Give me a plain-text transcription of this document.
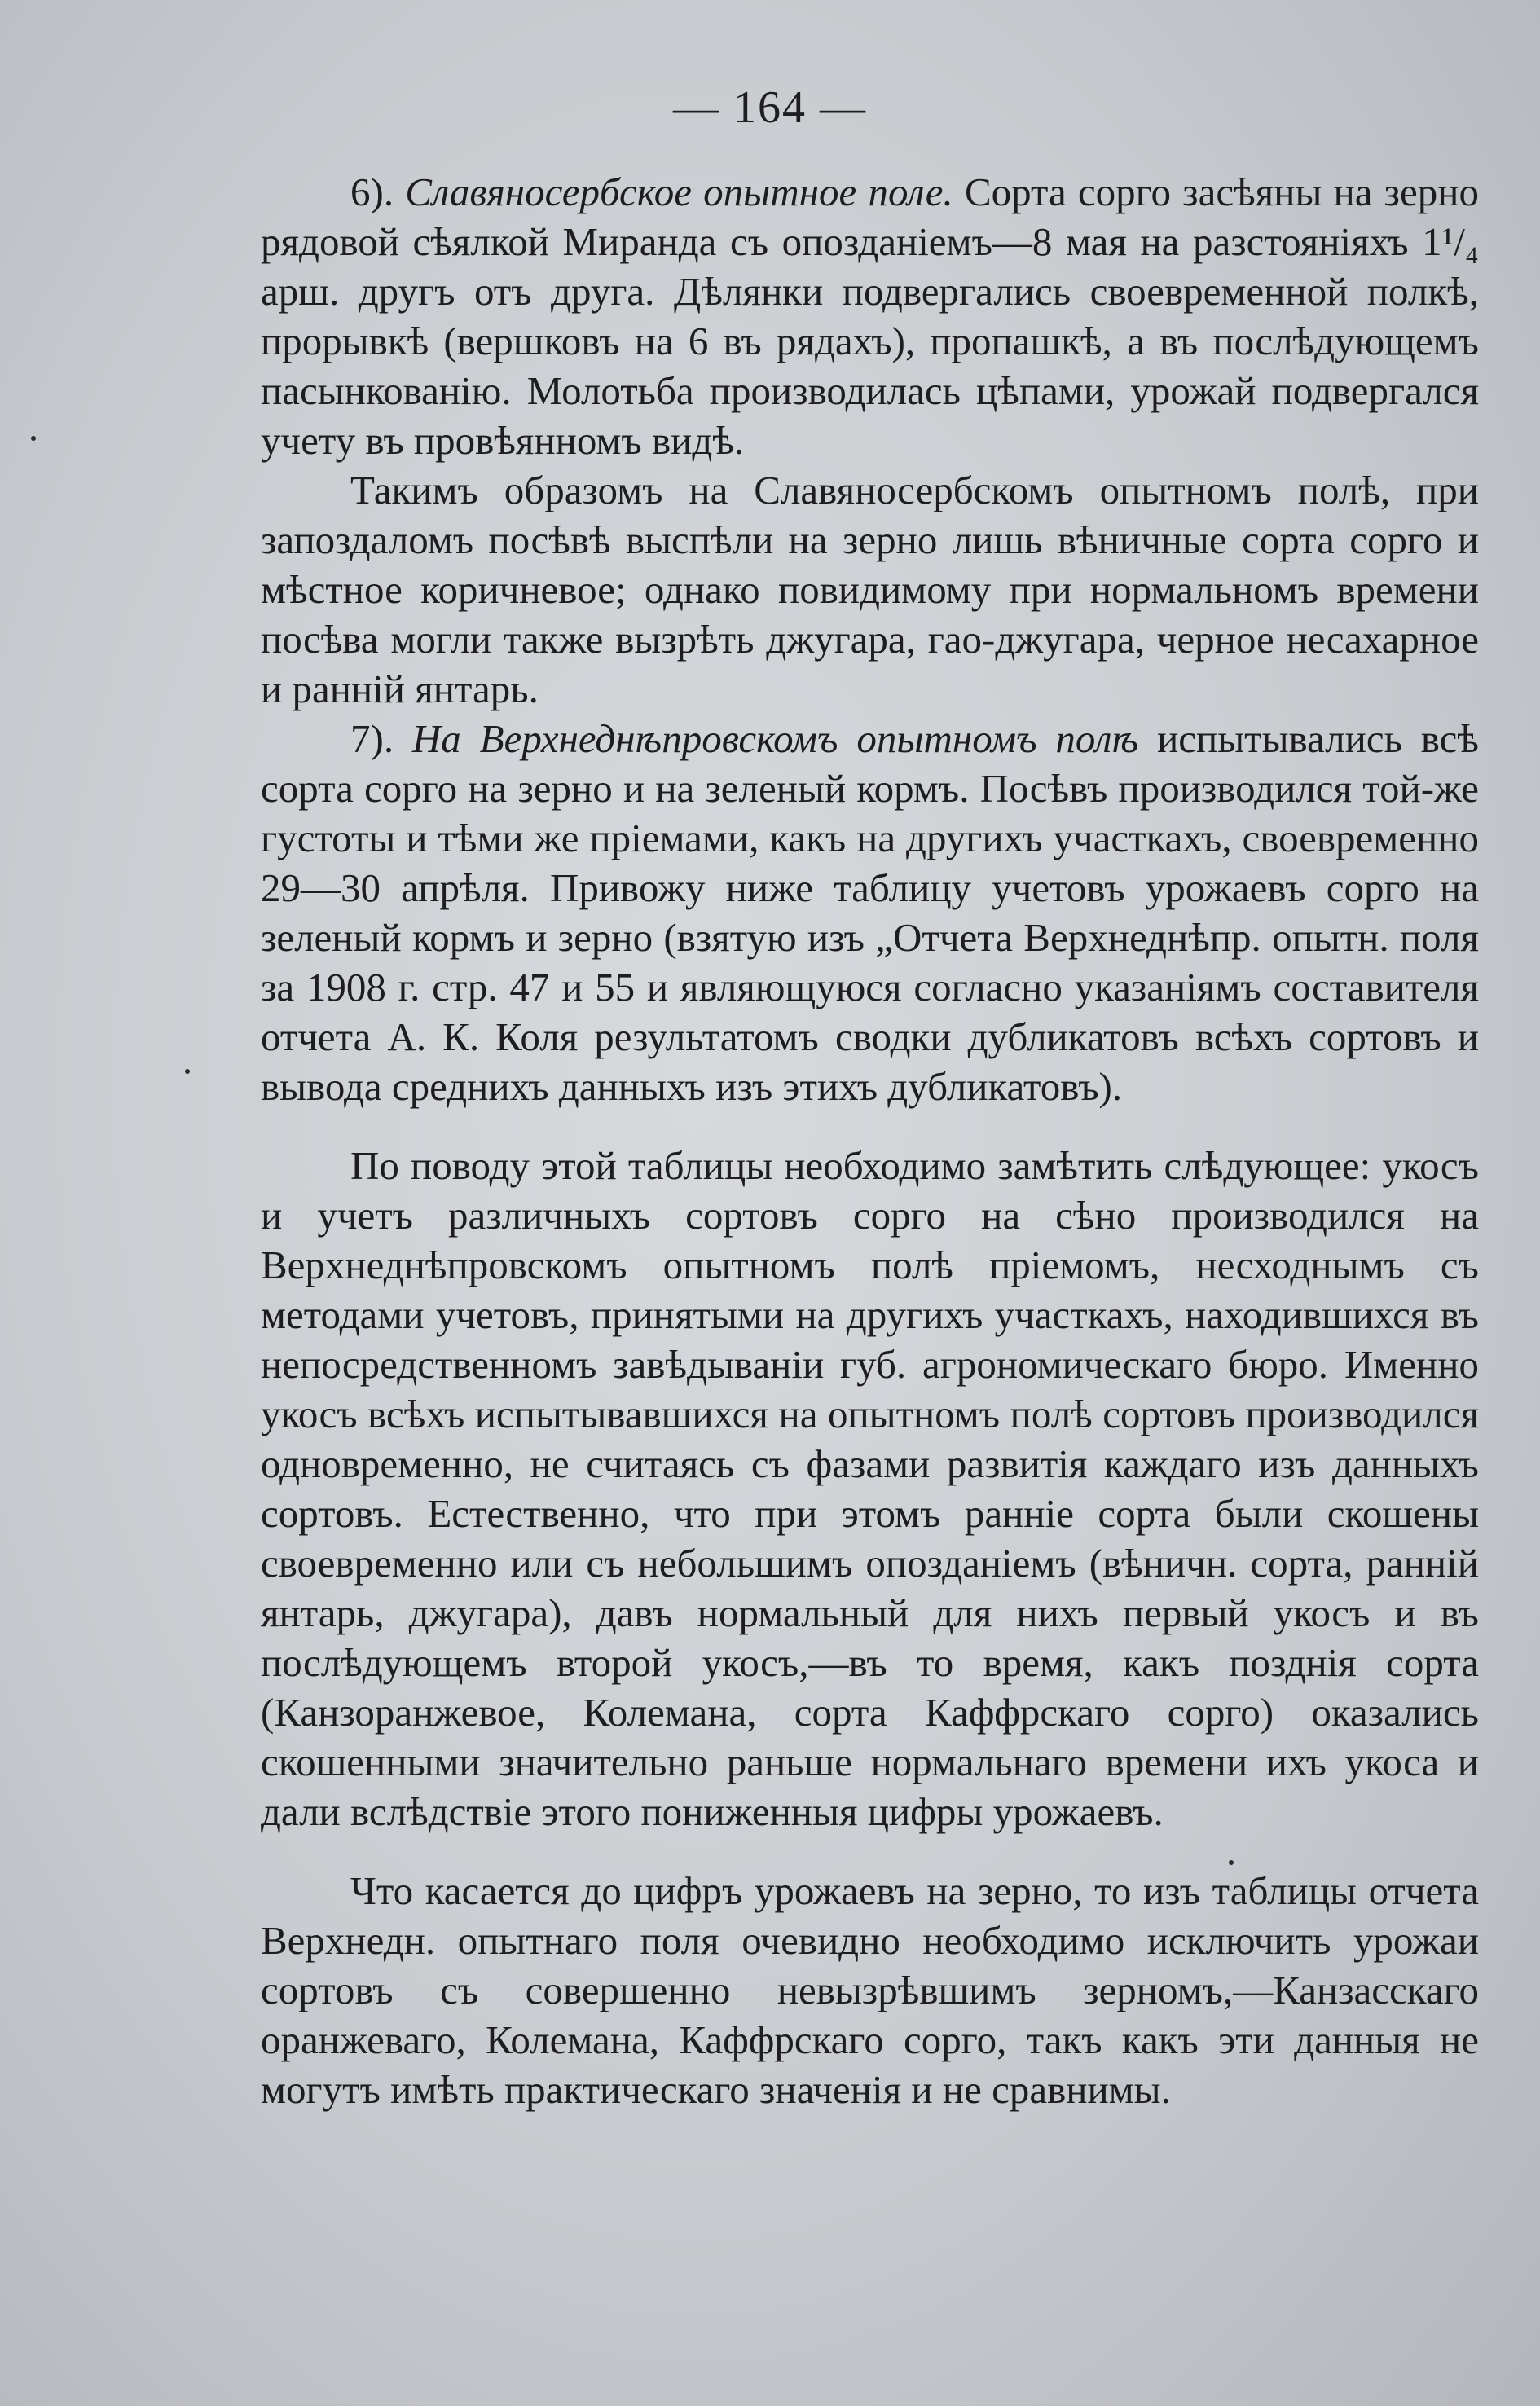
— 164 —

6). Славяносербское опытное поле. Сорта сорго засѣяны на зерно рядовой сѣялкой Миранда съ опозданіемъ—8 мая на разстояніяхъ 1¹/₄ арш. другъ отъ друга. Дѣлянки подвергались своевременной полкѣ, прорывкѣ (вершковъ на 6 въ рядахъ), пропашкѣ, а въ послѣдующемъ пасынкованію. Молотьба производилась цѣпами, урожай подвергался учету въ провѣянномъ видѣ.

Такимъ образомъ на Славяносербскомъ опытномъ полѣ, при запоздаломъ посѣвѣ выспѣли на зерно лишь вѣничные сорта сорго и мѣстное коричневое; однако повидимому при нормальномъ времени посѣва могли также вызрѣть джугара, гао-джугара, черное несахарное и ранній янтарь.

7). На Верхнеднѣпровскомъ опытномъ полѣ испытывались всѣ сорта сорго на зерно и на зеленый кормъ. Посѣвъ производился той-же густоты и тѣми же пріемами, какъ на другихъ участкахъ, своевременно 29—30 апрѣля. Привожу ниже таблицу учетовъ урожаевъ сорго на зеленый кормъ и зерно (взятую изъ „Отчета Верхнеднѣпр. опытн. поля за 1908 г. стр. 47 и 55 и являющуюся согласно указаніямъ составителя отчета А. К. Коля результатомъ сводки дубликатовъ всѣхъ сортовъ и вывода среднихъ данныхъ изъ этихъ дубликатовъ).

По поводу этой таблицы необходимо замѣтить слѣдующее: укосъ и учетъ различныхъ сортовъ сорго на сѣно производился на Верхнеднѣпровскомъ опытномъ полѣ пріемомъ, несходнымъ съ методами учетовъ, принятыми на другихъ участкахъ, находившихся въ непосредственномъ завѣдываніи губ. агрономическаго бюро. Именно укосъ всѣхъ испытывавшихся на опытномъ полѣ сортовъ производился одновременно, не считаясь съ фазами развитія каждаго изъ данныхъ сортовъ. Естественно, что при этомъ ранніе сорта были скошены своевременно или съ небольшимъ опозданіемъ (вѣничн. сорта, ранній янтарь, джугара), давъ нормальный для нихъ первый укосъ и въ послѣдующемъ второй укосъ,—въ то время, какъ позднія сорта (Канзоранжевое, Колемана, сорта Каффрскаго сорго) оказались скошенными значительно раньше нормальнаго времени ихъ укоса и дали вслѣдствіе этого пониженныя цифры урожаевъ.

Что касается до цифръ урожаевъ на зерно, то изъ таблицы отчета Верхнедн. опытнаго поля очевидно необходимо исключить урожаи сортовъ съ совершенно невызрѣвшимъ зерномъ,—Канзасскаго оранжеваго, Колемана, Каффрскаго сорго, такъ какъ эти данныя не могутъ имѣть практическаго значенія и не сравнимы.
